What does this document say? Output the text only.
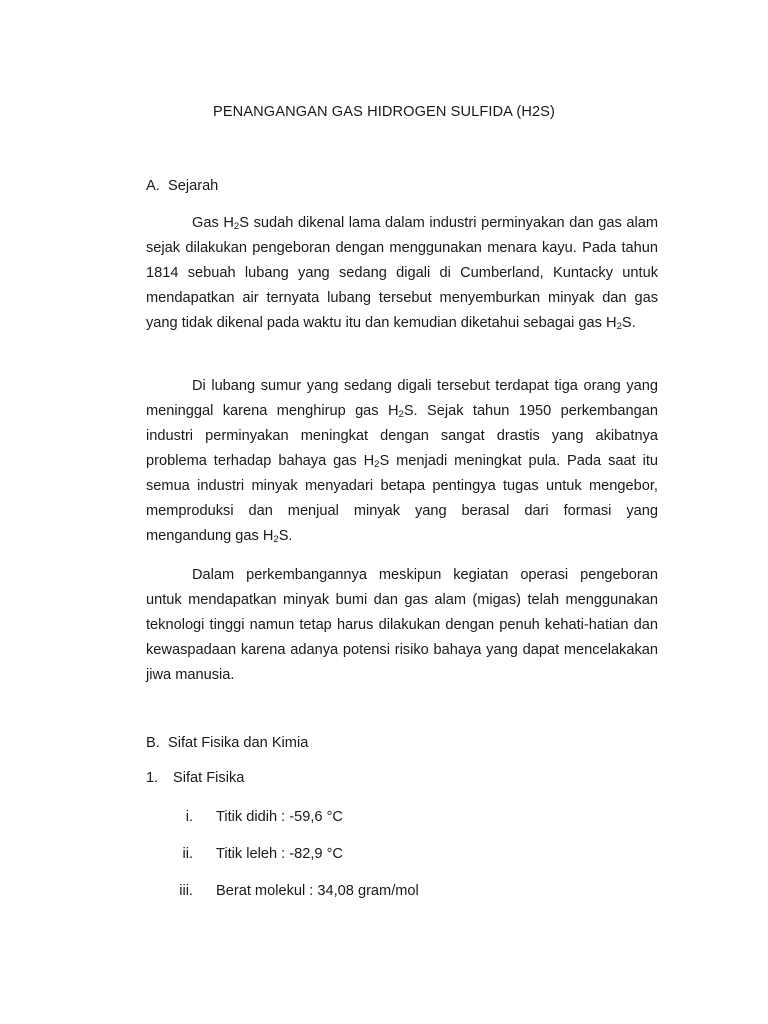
PENANGANGAN GAS HIDROGEN SULFIDA (H2S)
A. Sejarah

Gas $H_2S$ sudah dikenal lama dalam industri perminyakan dan gas alam sejak dilakukan pengeboran dengan menggunakan menara kayu. Pada tahun 1814 sebuah lubang yang sedang digali di Cumberland, Kuntacky untuk mendapatkan air ternyata lubang tersebut menyemburkan minyak dan gas yang tidak dikenal pada waktu itu dan kemudian diketahui sebagai gas $H_2S$.

Di lubang sumur yang sedang digali tersebut terdapat tiga orang yang meninggal karena menghirup gas $H_2S$. Sejak tahun 1950 perkembangan industri perminyakan meningkat dengan sangat drastis yang akibatnya problema terhadap bahaya gas $H_2S$ menjadi meningkat pula. Pada saat itu semua industri minyak menyadari betapa pentingya tugas untuk mengebor, memproduksi dan menjual minyak yang berasal dari formasi yang mengandung gas $H_2S$.

Dalam perkembangannya meskipun kegiatan operasi pengeboran untuk mendapatkan minyak bumi dan gas alam (migas) telah menggunakan teknologi tinggi namun tetap harus dilakukan dengan penuh kehati-hatian dan kewaspadaan karena adanya potensi risiko bahaya yang dapat mencelakakan jiwa manusia.

B. Sifat Fisika dan Kimia
1. Sifat Fisika
i. Titik didih : -59,6 °C
ii. Titik leleh : -82,9 °C
iii. Berat molekul : 34,08 gram/mol
